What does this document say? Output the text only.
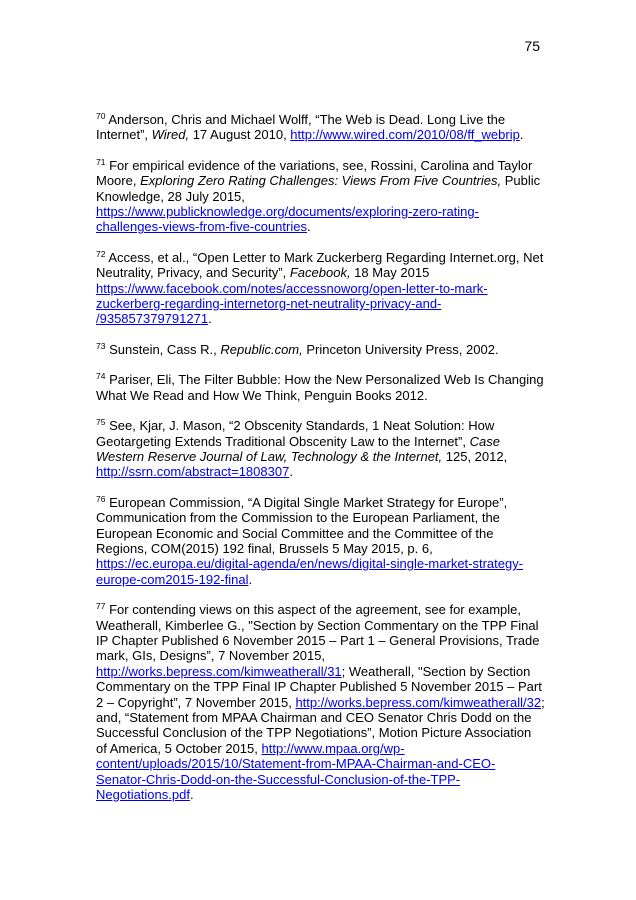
75
$^{70}$ Anderson, Chris and Michael Wolff, “The Web is Dead. Long Live the
Internet”, Wired, 17 August 2010, http://www.wired.com/2010/08/ff_webrip.
$^{71}$ For empirical evidence of the variations, see, Rossini, Carolina and Taylor
Moore, Exploring Zero Rating Challenges: Views From Five Countries, Public
Knowledge, 28 July 2015,
https://www.publicknowledge.org/documents/exploring-zero-rating-
challenges-views-from-five-countries.
$^{72}$ Access, et al., “Open Letter to Mark Zuckerberg Regarding Internet.org, Net
Neutrality, Privacy, and Security”, Facebook, 18 May 2015
https://www.facebook.com/notes/accessnoworg/open-letter-to-mark-
zuckerberg-regarding-internetorg-net-neutrality-privacy-and-
/935857379791271.
$^{73}$ Sunstein, Cass R., Republic.com, Princeton University Press, 2002.
$^{74}$ Pariser, Eli, The Filter Bubble: How the New Personalized Web Is Changing
What We Read and How We Think, Penguin Books 2012.
$^{75}$ See, Kjar, J. Mason, “2 Obscenity Standards, 1 Neat Solution: How
Geotargeting Extends Traditional Obscenity Law to the Internet”, Case
Western Reserve Journal of Law, Technology & the Internet, 125, 2012,
http://ssrn.com/abstract=1808307.
$^{76}$ European Commission, “A Digital Single Market Strategy for Europe”,
Communication from the Commission to the European Parliament, the
European Economic and Social Committee and the Committee of the
Regions, COM(2015) 192 final, Brussels 5 May 2015, p. 6,
https://ec.europa.eu/digital-agenda/en/news/digital-single-market-strategy-
europe-com2015-192-final.
$^{77}$ For contending views on this aspect of the agreement, see for example,
Weatherall, Kimberlee G., "Section by Section Commentary on the TPP Final
IP Chapter Published 6 November 2015 – Part 1 – General Provisions, Trade
mark, GIs, Designs”, 7 November 2015,
http://works.bepress.com/kimweatherall/31; Weatherall, "Section by Section
Commentary on the TPP Final IP Chapter Published 5 November 2015 – Part
2 – Copyright”, 7 November 2015, http://works.bepress.com/kimweatherall/32;
and, “Statement from MPAA Chairman and CEO Senator Chris Dodd on the
Successful Conclusion of the TPP Negotiations”, Motion Picture Association
of America, 5 October 2015, http://www.mpaa.org/wp-
content/uploads/2015/10/Statement-from-MPAA-Chairman-and-CEO-
Senator-Chris-Dodd-on-the-Successful-Conclusion-of-the-TPP-
Negotiations.pdf.
